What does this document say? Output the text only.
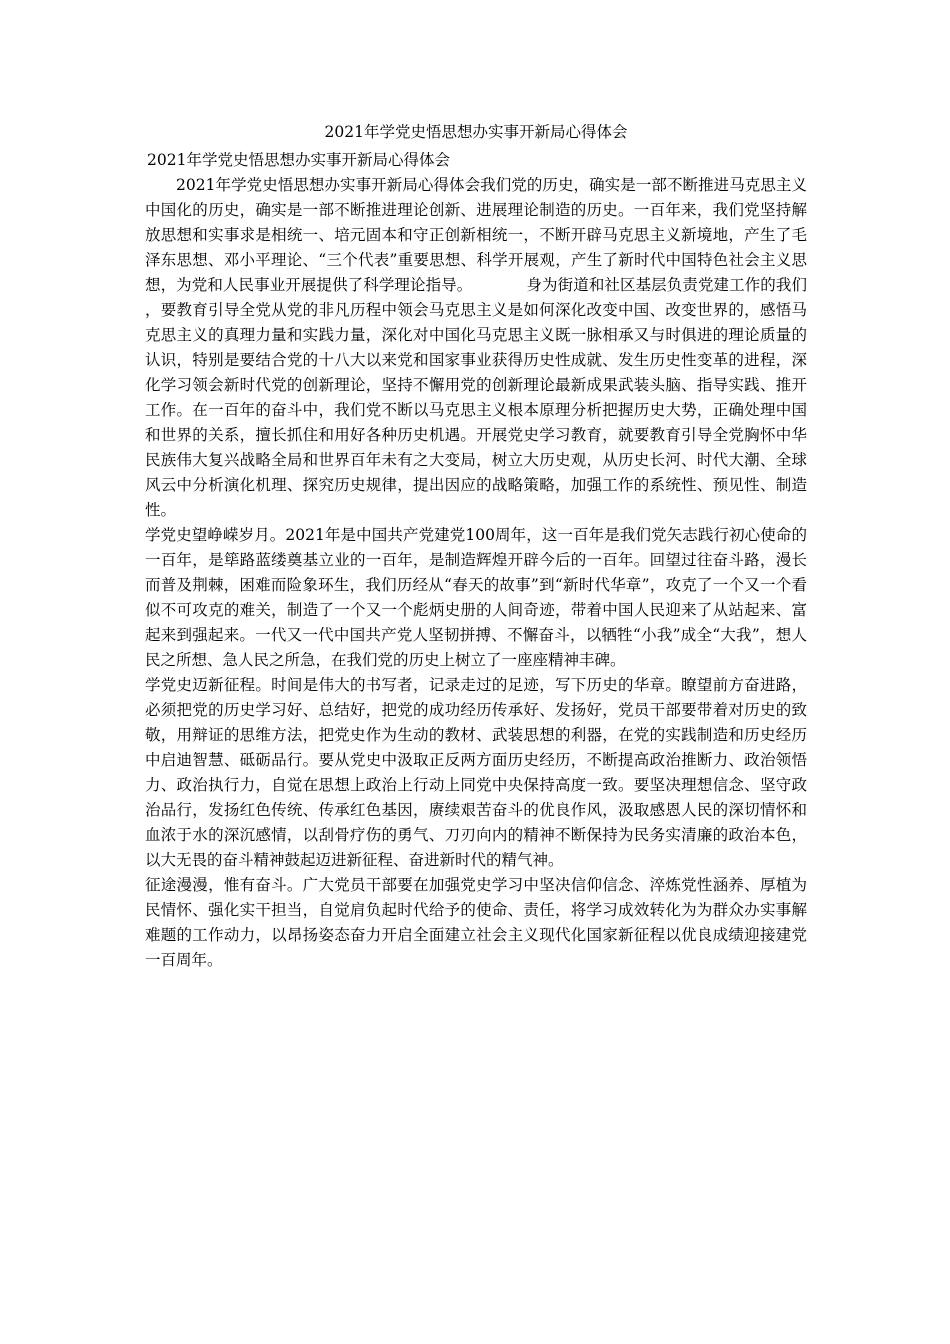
2021年学党史悟思想办实事开新局心得体会

2021年学党史悟思想办实事开新局心得体会

2021年学党史悟思想办实事开新局心得体会我们党的历史，确实是一部不断推进马克思主义中国化的历史，确实是一部不断推进理论创新、进展理论制造的历史。一百年来，我们党坚持解放思想和实事求是相统一、培元固本和守正创新相统一，不断开辟马克思主义新境地，产生了毛泽东思想、邓小平理论、“三个代表”重要思想、科学开展观，产生了新时代中国特色社会主义思想，为党和人民事业开展提供了科学理论指导。	身为街道和社区基层负责党建工作的我们，要教育引导全党从党的非凡历程中领会马克思主义是如何深化改变中国、改变世界的，感悟马克思主义的真理力量和实践力量，深化对中国化马克思主义既一脉相承又与时俱进的理论质量的认识，特别是要结合党的十八大以来党和国家事业获得历史性成就、发生历史性变革的进程，深化学习领会新时代党的创新理论，坚持不懈用党的创新理论最新成果武装头脑、指导实践、推开工作。在一百年的奋斗中，我们党不断以马克思主义根本原理分析把握历史大势，正确处理中国和世界的关系，擅长抓住和用好各种历史机遇。开展党史学习教育，就要教育引导全党胸怀中华民族伟大复兴战略全局和世界百年未有之大变局，树立大历史观，从历史长河、时代大潮、全球风云中分析演化机理、探究历史规律，提出因应的战略策略，加强工作的系统性、预见性、制造性。

学党史望峥嵘岁月。2021年是中国共产党建党100周年，这一百年是我们党矢志践行初心使命的一百年，是筚路蓝缕奠基立业的一百年，是制造辉煌开辟今后的一百年。回望过往奋斗路，漫长而普及荆棘，困难而险象环生，我们历经从“春天的故事”到“新时代华章”，攻克了一个又一个看似不可攻克的难关，制造了一个又一个彪炳史册的人间奇迹，带着中国人民迎来了从站起来、富起来到强起来。一代又一代中国共产党人坚韧拼搏、不懈奋斗，以牺牲“小我”成全“大我”，想人民之所想、急人民之所急，在我们党的历史上树立了一座座精神丰碑。

学党史迈新征程。时间是伟大的书写者，记录走过的足迹，写下历史的华章。瞭望前方奋进路，必须把党的历史学习好、总结好，把党的成功经历传承好、发扬好，党员干部要带着对历史的致敬，用辩证的思维方法，把党史作为生动的教材、武装思想的利器，在党的实践制造和历史经历中启迪智慧、砥砺品行。要从党史中汲取正反两方面历史经历，不断提高政治推断力、政治领悟力、政治执行力，自觉在思想上政治上行动上同党中央保持高度一致。要坚决理想信念、坚守政治品行，发扬红色传统、传承红色基因，赓续艰苦奋斗的优良作风，汲取感恩人民的深切情怀和血浓于水的深沉感情，以刮骨疗伤的勇气、刀刃向内的精神不断保持为民务实清廉的政治本色，以大无畏的奋斗精神鼓起迈进新征程、奋进新时代的精气神。

征途漫漫，惟有奋斗。广大党员干部要在加强党史学习中坚决信仰信念、淬炼党性涵养、厚植为民情怀、强化实干担当，自觉肩负起时代给予的使命、责任，将学习成效转化为为群众办实事解难题的工作动力，以昂扬姿态奋力开启全面建立社会主义现代化国家新征程以优良成绩迎接建党一百周年。
